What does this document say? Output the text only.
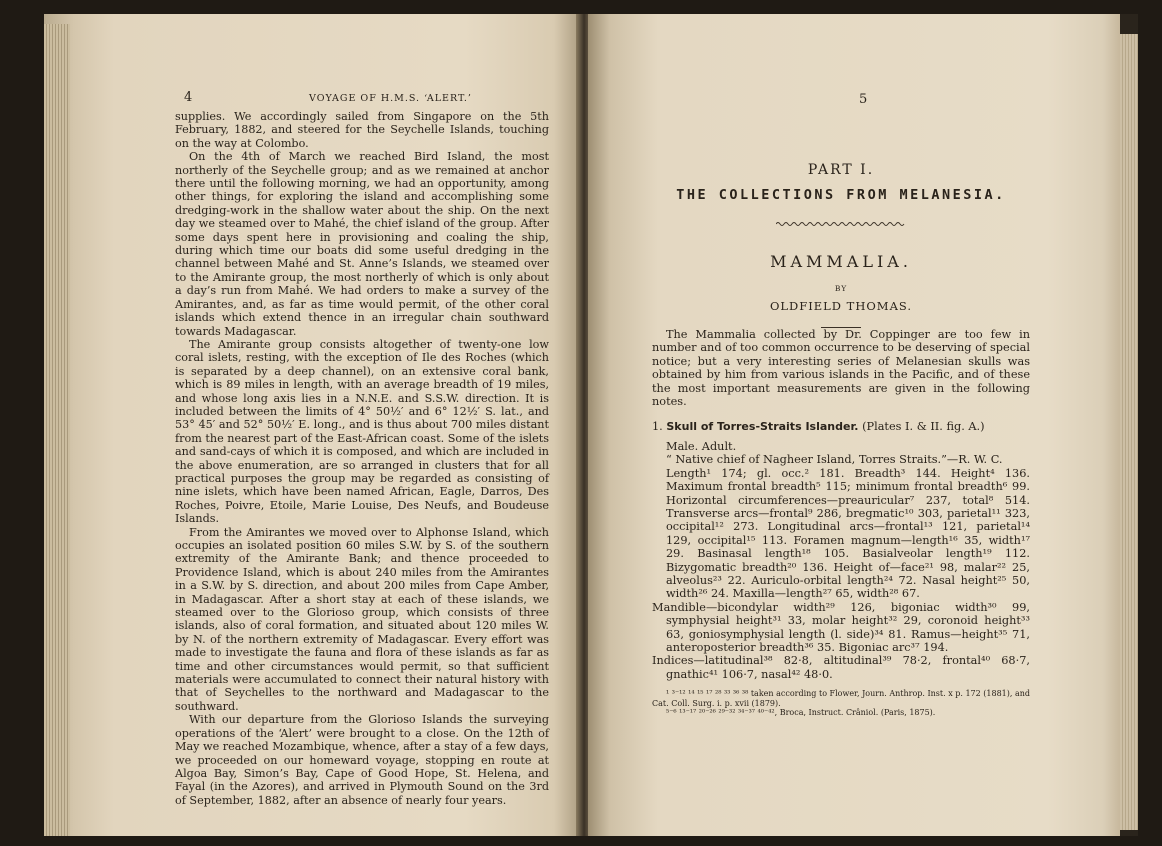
4	VOYAGE OF H.M.S. ‘ALERT.’

supplies. We accordingly sailed from Singapore on the 5th February, 1882, and steered for the Seychelle Islands, touching on the way at Colombo.

On the 4th of March we reached Bird Island, the most northerly of the Seychelle group; and as we remained at anchor there until the following morning, we had an opportunity, among other things, for exploring the island and accomplishing some dredging-work in the shallow water about the ship. On the next day we steamed over to Mahé, the chief island of the group. After some days spent here in provisioning and coaling the ship, during which time our boats did some useful dredging in the channel between Mahé and St. Anne’s Islands, we steamed over to the Amirante group, the most northerly of which is only about a day’s run from Mahé. We had orders to make a survey of the Amirantes, and, as far as time would permit, of the other coral islands which extend thence in an irregular chain southward towards Madagascar.

The Amirante group consists altogether of twenty-one low coral islets, resting, with the exception of Ile des Roches (which is separated by a deep channel), on an extensive coral bank, which is 89 miles in length, with an average breadth of 19 miles, and whose long axis lies in a N.N.E. and S.S.W. direction. It is included between the limits of 4° 50½′ and 6° 12½′ S. lat., and 53° 45′ and 52° 50½′ E. long., and is thus about 700 miles distant from the nearest part of the East-African coast. Some of the islets and sand-cays of which it is composed, and which are included in the above enumeration, are so arranged in clusters that for all practical purposes the group may be regarded as consisting of nine islets, which have been named African, Eagle, Darros, Des Roches, Poivre, Etoile, Marie Louise, Des Neufs, and Boudeuse Islands.

From the Amirantes we moved over to Alphonse Island, which occupies an isolated position 60 miles S.W. by S. of the southern extremity of the Amirante Bank; and thence proceeded to Providence Island, which is about 240 miles from the Amirantes in a S.W. by S. direction, and about 200 miles from Cape Amber, in Madagascar. After a short stay at each of these islands, we steamed over to the Glorioso group, which consists of three islands, also of coral formation, and situated about 120 miles W. by N. of the northern extremity of Madagascar. Every effort was made to investigate the fauna and flora of these islands as far as time and other circumstances would permit, so that sufficient materials were accumulated to connect their natural history with that of Seychelles to the northward and Madagascar to the southward.

With our departure from the Glorioso Islands the surveying operations of the ‘Alert’ were brought to a close. On the 12th of May we reached Mozambique, whence, after a stay of a few days, we proceeded on our homeward voyage, stopping en route at Algoa Bay, Simon’s Bay, Cape of Good Hope, St. Helena, and Fayal (in the Azores), and arrived in Plymouth Sound on the 3rd of September, 1882, after an absence of nearly four years.

5
PART I.
THE COLLECTIONS FROM MELANESIA.
MAMMALIA.
BY
OLDFIELD THOMAS.

The Mammalia collected by Dr. Coppinger are too few in number and of too common occurrence to be deserving of special notice; but a very interesting series of Melanesian skulls was obtained by him from various islands in the Pacific, and of these the most important measurements are given in the following notes.

1. Skull of Torres-Straits Islander. (Plates I. & II. fig. A.)

Male. Adult.

“ Native chief of Nagheer Island, Torres Straits.”—R. W. C.

Length¹ 174; gl. occ.² 181. Breadth³ 144. Height⁴ 136. Maximum frontal breadth⁵ 115; minimum frontal breadth⁶ 99. Horizontal circumferences—preauricular⁷ 237, total⁸ 514. Transverse arcs—frontal⁹ 286, bregmatic¹⁰ 303, parietal¹¹ 323, occipital¹² 273. Longitudinal arcs—frontal¹³ 121, parietal¹⁴ 129, occipital¹⁵ 113. Foramen magnum—length¹⁶ 35, width¹⁷ 29. Basinasal length¹⁸ 105. Basialveolar length¹⁹ 112. Bizygomatic breadth²⁰ 136. Height of—face²¹ 98, malar²² 25, alveolus²³ 22. Auriculo-orbital length²⁴ 72. Nasal height²⁵ 50, width²⁶ 24. Maxilla—length²⁷ 65, width²⁸ 67.

Mandible—bicondylar width²⁹ 126, bigoniac width³⁰ 99, symphysial height³¹ 33, molar height³² 29, coronoid height³³ 63, goniosymphysial length (l. side)³⁴ 81. Ramus—height³⁵ 71, anteroposterior breadth³⁶ 35. Bigoniac arc³⁷ 194.

Indices—latitudinal³⁸ 82·8, altitudinal³⁹ 78·2, frontal⁴⁰ 68·7, gnathic⁴¹ 106·7, nasal⁴² 48·0.

¹ ³⁻¹² ¹⁴ ¹⁵ ¹⁷ ²⁸ ³³ ³⁶ ³⁸ taken according to Flower, Journ. Anthrop. Inst. x p. 172 (1881), and Cat. Coll. Surg. i. p. xvii (1879).

⁵⁻⁶ ¹³⁻¹⁷ ²⁰⁻²⁶ ²⁹⁻³² ³⁴⁻³⁷ ⁴⁰⁻⁴², Broca, Instruct. Crâniol. (Paris, 1875).
